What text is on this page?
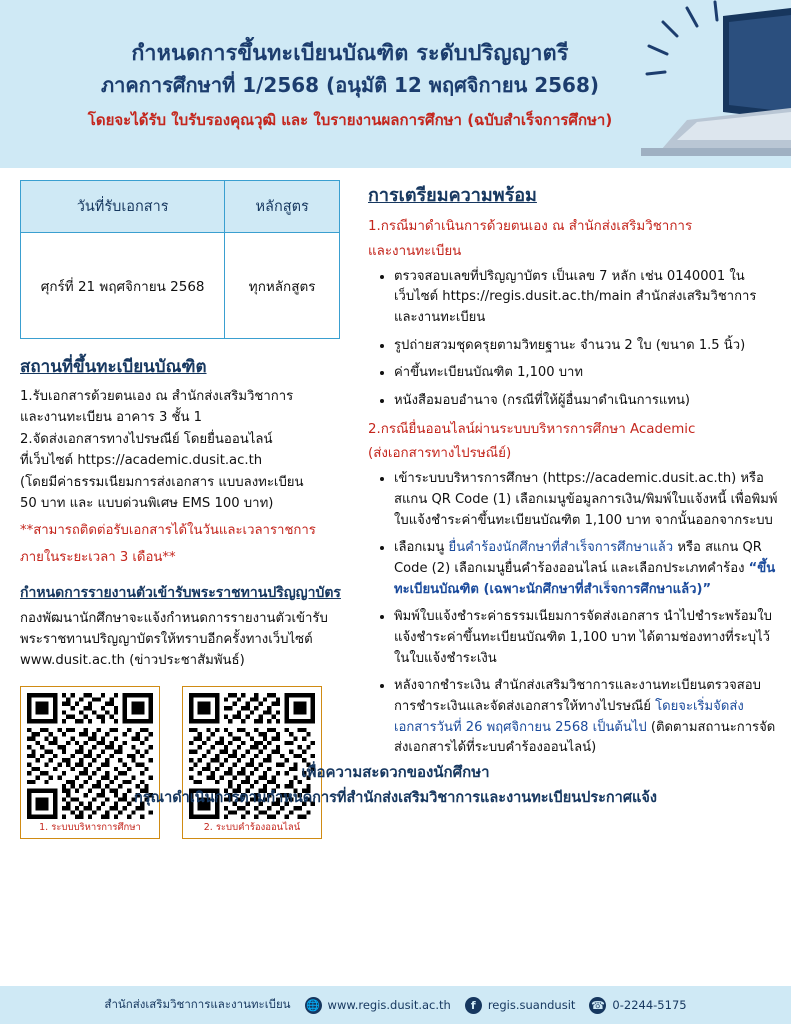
กำหนดการขึ้นทะเบียนบัณฑิต ระดับปริญญาตรี
ภาคการศึกษาที่ 1/2568 (อนุมัติ 12 พฤศจิกายน 2568)
โดยจะได้รับ ใบรับรองคุณวุฒิ และ ใบรายงานผลการศึกษา (ฉบับสำเร็จการศึกษา)
วันที่รับเอกสาร	หลักสูตร
ศุกร์ที่ 21 พฤศจิกายน 2568	ทุกหลักสูตร
สถานที่ขึ้นทะเบียนบัณฑิต
1.รับเอกสารด้วยตนเอง ณ สำนักส่งเสริมวิชาการ
และงานทะเบียน อาคาร 3 ชั้น 1
2.จัดส่งเอกสารทางไปรษณีย์ โดยยื่นออนไลน์
ที่เว็บไซต์ https://academic.dusit.ac.th
(โดยมีค่าธรรมเนียมการส่งเอกสาร แบบลงทะเบียน
50 บาท และ แบบด่วนพิเศษ EMS 100 บาท)
**สามารถติดต่อรับเอกสารได้ในวันและเวลาราชการ
ภายในระยะเวลา 3 เดือน**
กำหนดการรายงานตัวเข้ารับพระราชทานปริญญาบัตร
กองพัฒนานักศึกษาจะแจ้งกำหนดการรายงานตัวเข้ารับ
พระราชทานปริญญาบัตรให้ทราบอีกครั้งทางเว็บไซต์
www.dusit.ac.th (ข่าวประชาสัมพันธ์)
1. ระบบบริหารการศึกษา	2. ระบบคำร้องออนไลน์
การเตรียมความพร้อม
1.กรณีมาดำเนินการด้วยตนเอง ณ สำนักส่งเสริมวิชาการ
และงานทะเบียน
• ตรวจสอบเลขที่ปริญญาบัตร เป็นเลข 7 หลัก เช่น 0140001 ในเว็บไซต์ https://regis.dusit.ac.th/main สำนักส่งเสริมวิชาการและงานทะเบียน
• รูปถ่ายสวมชุดครุยตามวิทยฐานะ จำนวน 2 ใบ (ขนาด 1.5 นิ้ว)
• ค่าขึ้นทะเบียนบัณฑิต 1,100 บาท
• หนังสือมอบอำนาจ (กรณีที่ให้ผู้อื่นมาดำเนินการแทน)
2.กรณียื่นออนไลน์ผ่านระบบบริหารการศึกษา Academic
(ส่งเอกสารทางไปรษณีย์)
• เข้าระบบบริหารการศึกษา (https://academic.dusit.ac.th) หรือ สแกน QR Code (1) เลือกเมนูข้อมูลการเงิน/พิมพ์ใบแจ้งหนี้ เพื่อพิมพ์ใบแจ้งชำระค่าขึ้นทะเบียนบัณฑิต 1,100 บาท จากนั้นออกจากระบบ
• เลือกเมนู ยื่นคำร้องนักศึกษาที่สำเร็จการศึกษาแล้ว หรือ สแกน QR Code (2) เลือกเมนูยื่นคำร้องออนไลน์ และเลือกประเภทคำร้อง “ขึ้นทะเบียนบัณฑิต (เฉพาะนักศึกษาที่สำเร็จการศึกษาแล้ว)”
• พิมพ์ใบแจ้งชำระค่าธรรมเนียมการจัดส่งเอกสาร นำไปชำระพร้อมใบแจ้งชำระค่าขึ้นทะเบียนบัณฑิต 1,100 บาท ได้ตามช่องทางที่ระบุไว้ในใบแจ้งชำระเงิน
• หลังจากชำระเงิน สำนักส่งเสริมวิชาการและงานทะเบียนตรวจสอบการชำระเงินและจัดส่งเอกสารให้ทางไปรษณีย์ โดยจะเริ่มจัดส่งเอกสารวันที่ 26 พฤศจิกายน 2568 เป็นต้นไป (ติดตามสถานะการจัดส่งเอกสารได้ที่ระบบคำร้องออนไลน์)
เพื่อความสะดวกของนักศึกษา
กรุณาดำเนินการตามกำหนดการที่สำนักส่งเสริมวิชาการและงานทะเบียนประกาศแจ้ง
สำนักส่งเสริมวิชาการและงานทะเบียน 🌐 www.regis.dusit.ac.th	f	regis.suandusit ☎ 0-2244-5175
